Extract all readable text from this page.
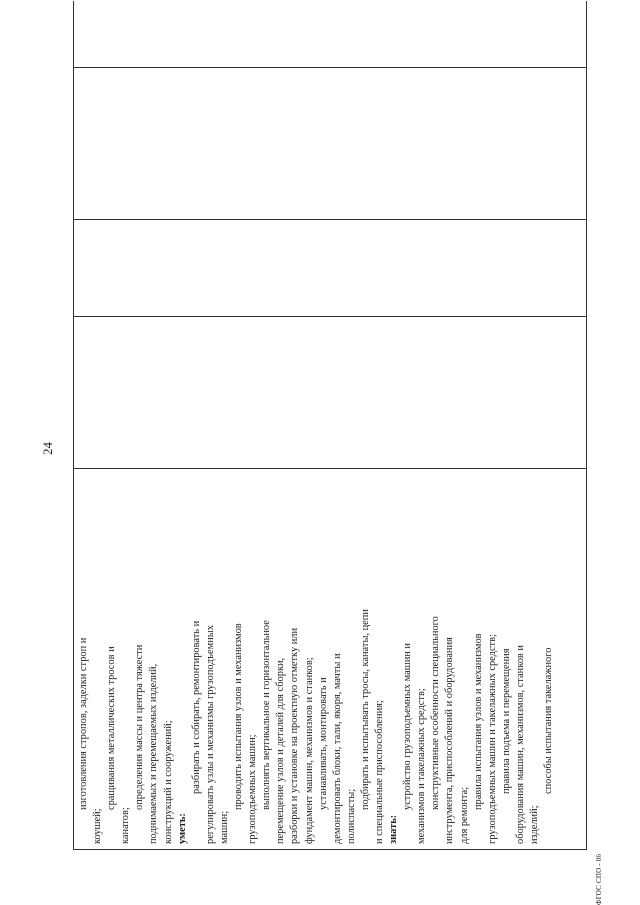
24
изготовления стропов, заделки строп и
коушей;
сращивания металлических тросов и
канатов;
определения массы и центра тяжести поднимаемых и перемещаемых изделий, конструкций и сооружений; уметь:
разбирать и собирать, ремонтировать и регулировать узлы и механизмы грузоподъемных машин;
проводить испытания узлов и механизмов грузоподъемных машин; выполнять вертикальное и горизонтальное перемещение узлов и деталей для сборки, разборки и установке на проектную отметку или фундамент машин, механизмов и станков; устанавливать, монтировать и демонтировать блоки, тали, якоря, мачты и полиспасты;
подбирать и испытывать тросы, канаты, цепи и специальные приспособления; знать:
устройство грузоподъемных машин и механизмов и такелажных средств; конструктивные особенности специального инструмента, приспособлений и оборудования для ремонта;
правила испытания узлов и механизмов грузоподъемных машин и такелажных средств; правила подъема и перемещения оборудования машин, механизмов, станков и изделий;
способы испытания такелажного
ФГОС СПО - 06
